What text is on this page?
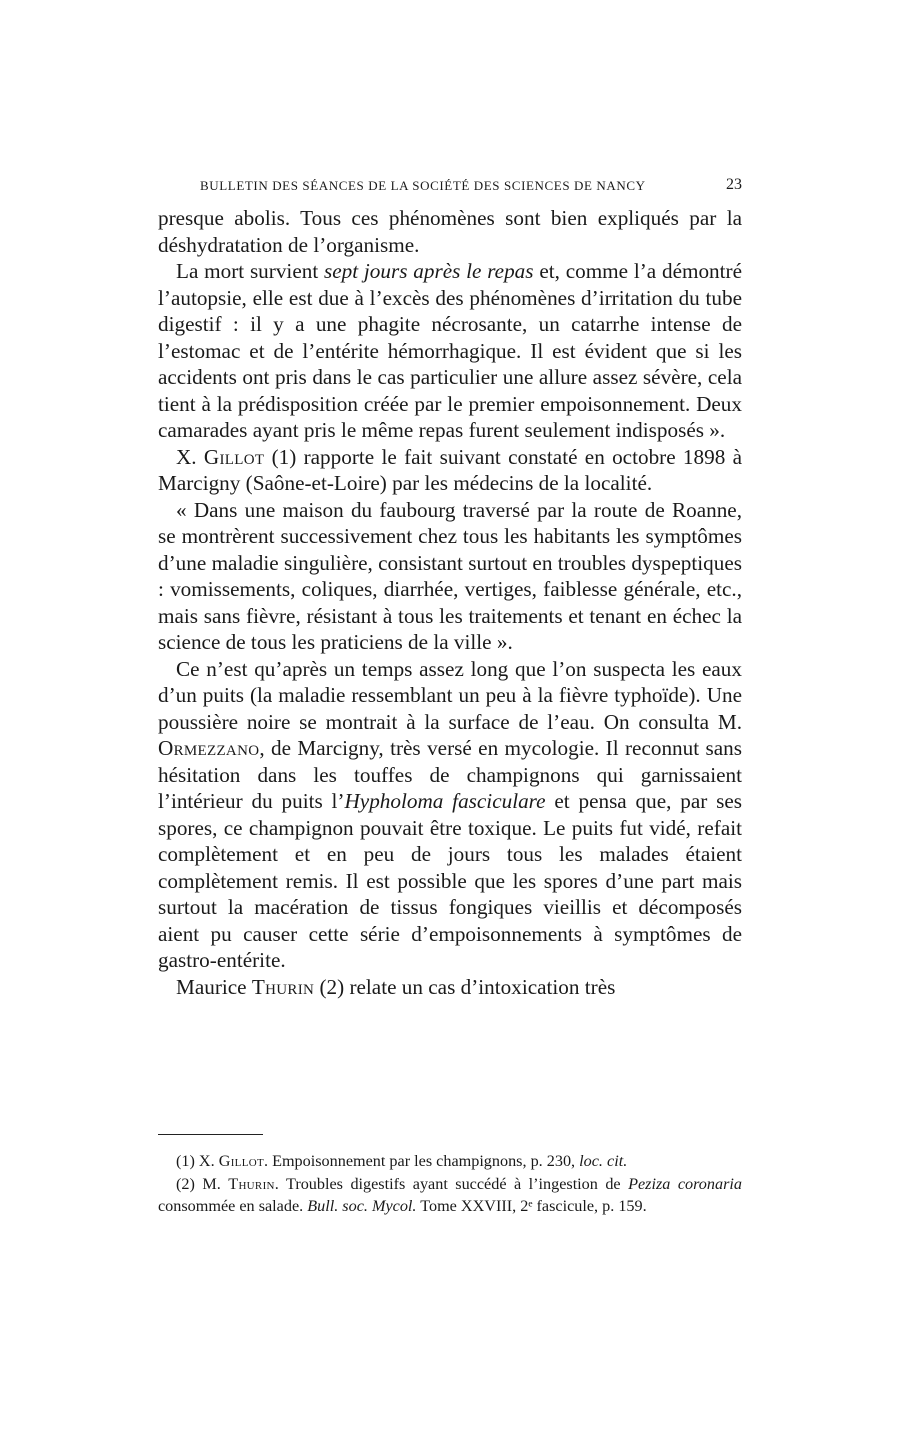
BULLETIN DES SÉANCES DE LA SOCIÉTÉ DES SCIENCES DE NANCY	23

presque abolis. Tous ces phénomènes sont bien expliqués par la déshydratation de l’organisme.

La mort survient sept jours après le repas et, comme l’a démontré l’autopsie, elle est due à l’excès des phénomènes d’irritation du tube digestif : il y a une phagite nécrosante, un catarrhe intense de l’estomac et de l’entérite hémorrhagique. Il est évident que si les accidents ont pris dans le cas particulier une allure assez sévère, cela tient à la prédisposition créée par le premier empoisonnement. Deux camarades ayant pris le même repas furent seulement indisposés ».

X. Gillot (1) rapporte le fait suivant constaté en octobre 1898 à Marcigny (Saône-et-Loire) par les médecins de la localité.

« Dans une maison du faubourg traversé par la route de Roanne, se montrèrent successivement chez tous les habitants les symptômes d’une maladie singulière, consistant surtout en troubles dyspeptiques : vomissements, coliques, diarrhée, vertiges, faiblesse générale, etc., mais sans fièvre, résistant à tous les traitements et tenant en échec la science de tous les praticiens de la ville ».

Ce n’est qu’après un temps assez long que l’on suspecta les eaux d’un puits (la maladie ressemblant un peu à la fièvre typhoïde). Une poussière noire se montrait à la surface de l’eau. On consulta M. Ormezzano, de Marcigny, très versé en mycologie. Il reconnut sans hésitation dans les touffes de champignons qui garnissaient l’intérieur du puits l’Hypholoma fasciculare et pensa que, par ses spores, ce champignon pouvait être toxique. Le puits fut vidé, refait complètement et en peu de jours tous les malades étaient complètement remis. Il est possible que les spores d’une part mais surtout la macération de tissus fongiques vieillis et décomposés aient pu causer cette série d’empoisonnements à symptômes de gastro-entérite.

Maurice Thurin (2) relate un cas d’intoxication très

(1) X. Gillot. Empoisonnement par les champignons, p. 230, loc. cit.

(2) M. Thurin. Troubles digestifs ayant succédé à l’ingestion de Peziza coronaria consommée en salade. Bull. soc. Mycol. Tome XXVIII, 2ᵉ fascicule, p. 159.
